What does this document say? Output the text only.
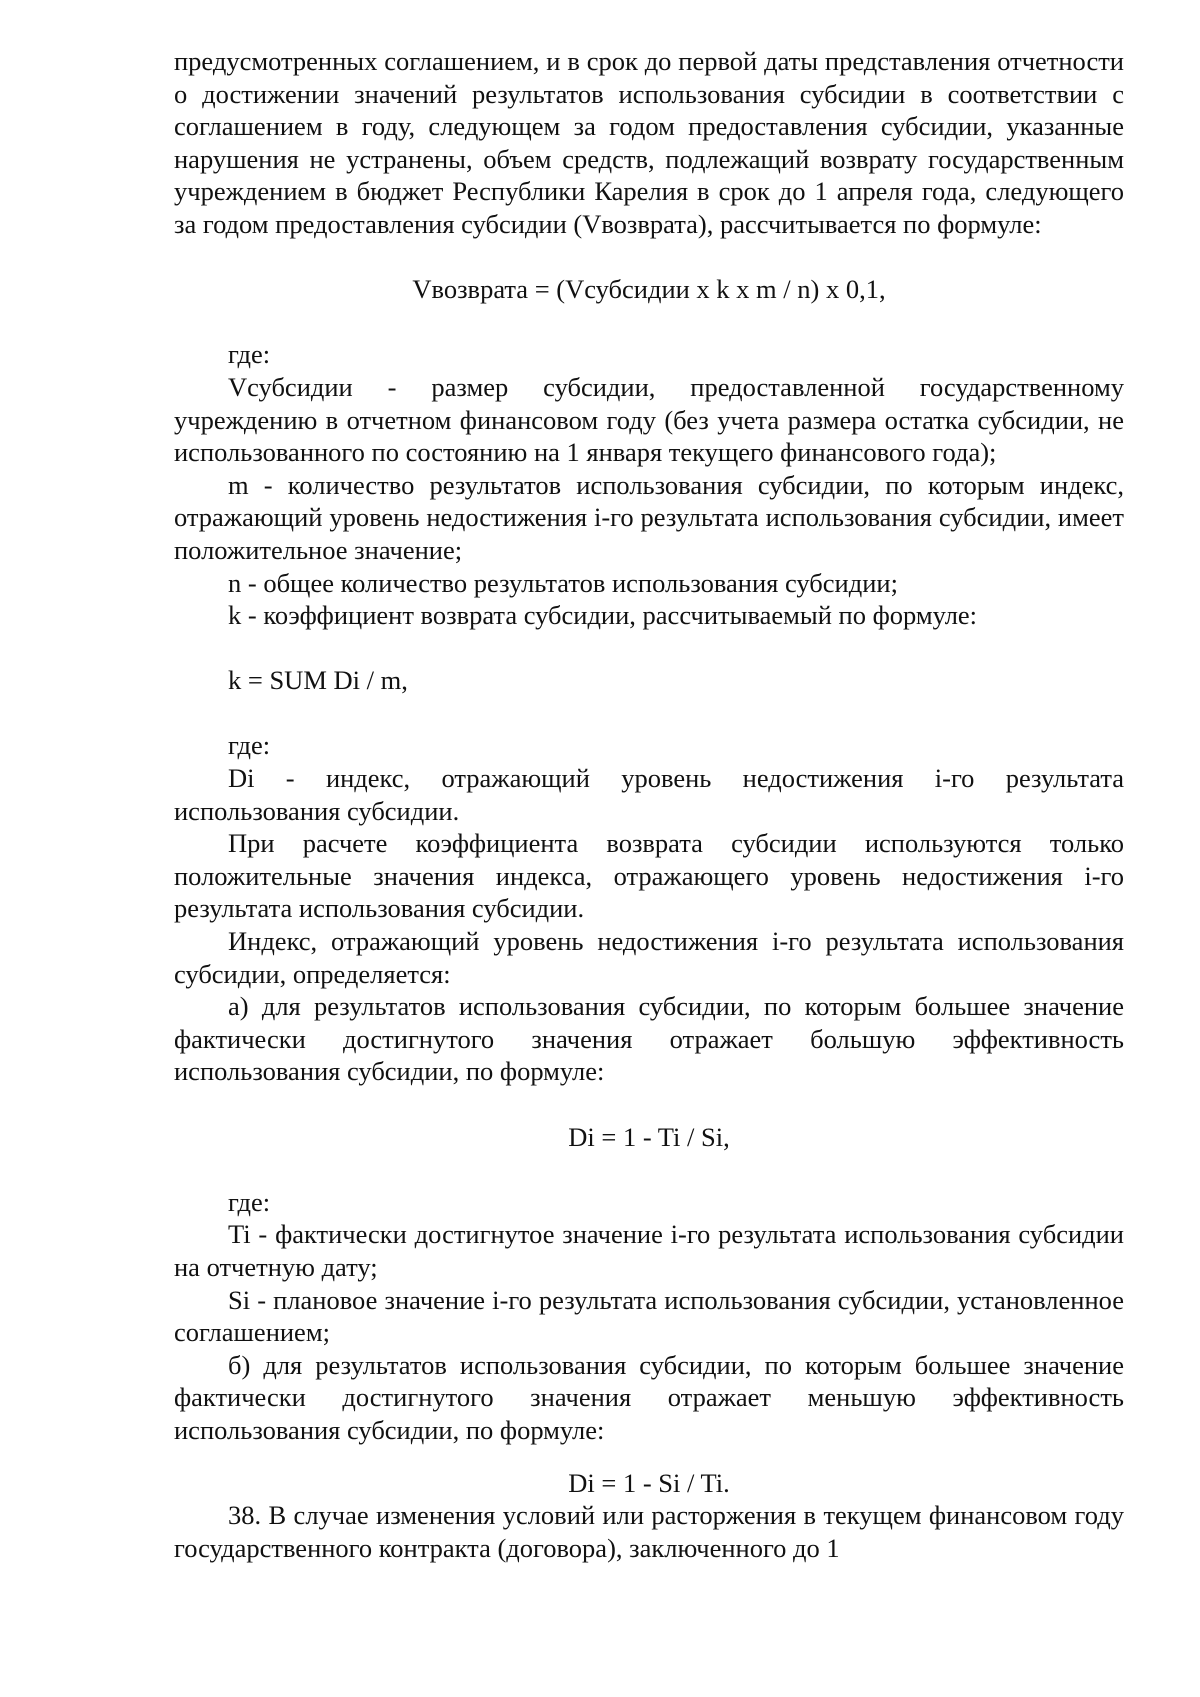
предусмотренных соглашением, и в срок до первой даты представления отчетности о достижении значений результатов использования субсидии в соответствии с соглашением в году, следующем за годом предоставления субсидии, указанные нарушения не устранены, объем средств, подлежащий возврату государственным учреждением в бюджет Республики Карелия в срок до 1 апреля года, следующего за годом предоставления субсидии (Vвозврата), рассчитывается по формуле:

Vвозврата = (Vсубсидии x k x m / n) x 0,1,

где:

Vсубсидии - размер субсидии, предоставленной государственному учреждению в отчетном финансовом году (без учета размера остатка субсидии, не использованного по состоянию на 1 января текущего финансового года);

m - количество результатов использования субсидии, по которым индекс, отражающий уровень недостижения i-го результата использования субсидии, имеет положительное значение;

n - общее количество результатов использования субсидии;

k - коэффициент возврата субсидии, рассчитываемый по формуле:

k = SUM Di / m,

где:

Di - индекс, отражающий уровень недостижения i-го результата использования субсидии.

При расчете коэффициента возврата субсидии используются только положительные значения индекса, отражающего уровень недостижения i-го результата использования субсидии.

Индекс, отражающий уровень недостижения i-го результата использования субсидии, определяется:

а) для результатов использования субсидии, по которым большее значение фактически достигнутого значения отражает большую эффективность использования субсидии, по формуле:

Di = 1 - Ti / Si,

где:

Ti - фактически достигнутое значение i-го результата использования субсидии на отчетную дату;

Si - плановое значение i-го результата использования субсидии, установленное соглашением;

б) для результатов использования субсидии, по которым большее значение фактически достигнутого значения отражает меньшую эффективность использования субсидии, по формуле:

Di = 1 - Si / Ti.

38. В случае изменения условий или расторжения в текущем финансовом году государственного контракта (договора), заключенного до 1
